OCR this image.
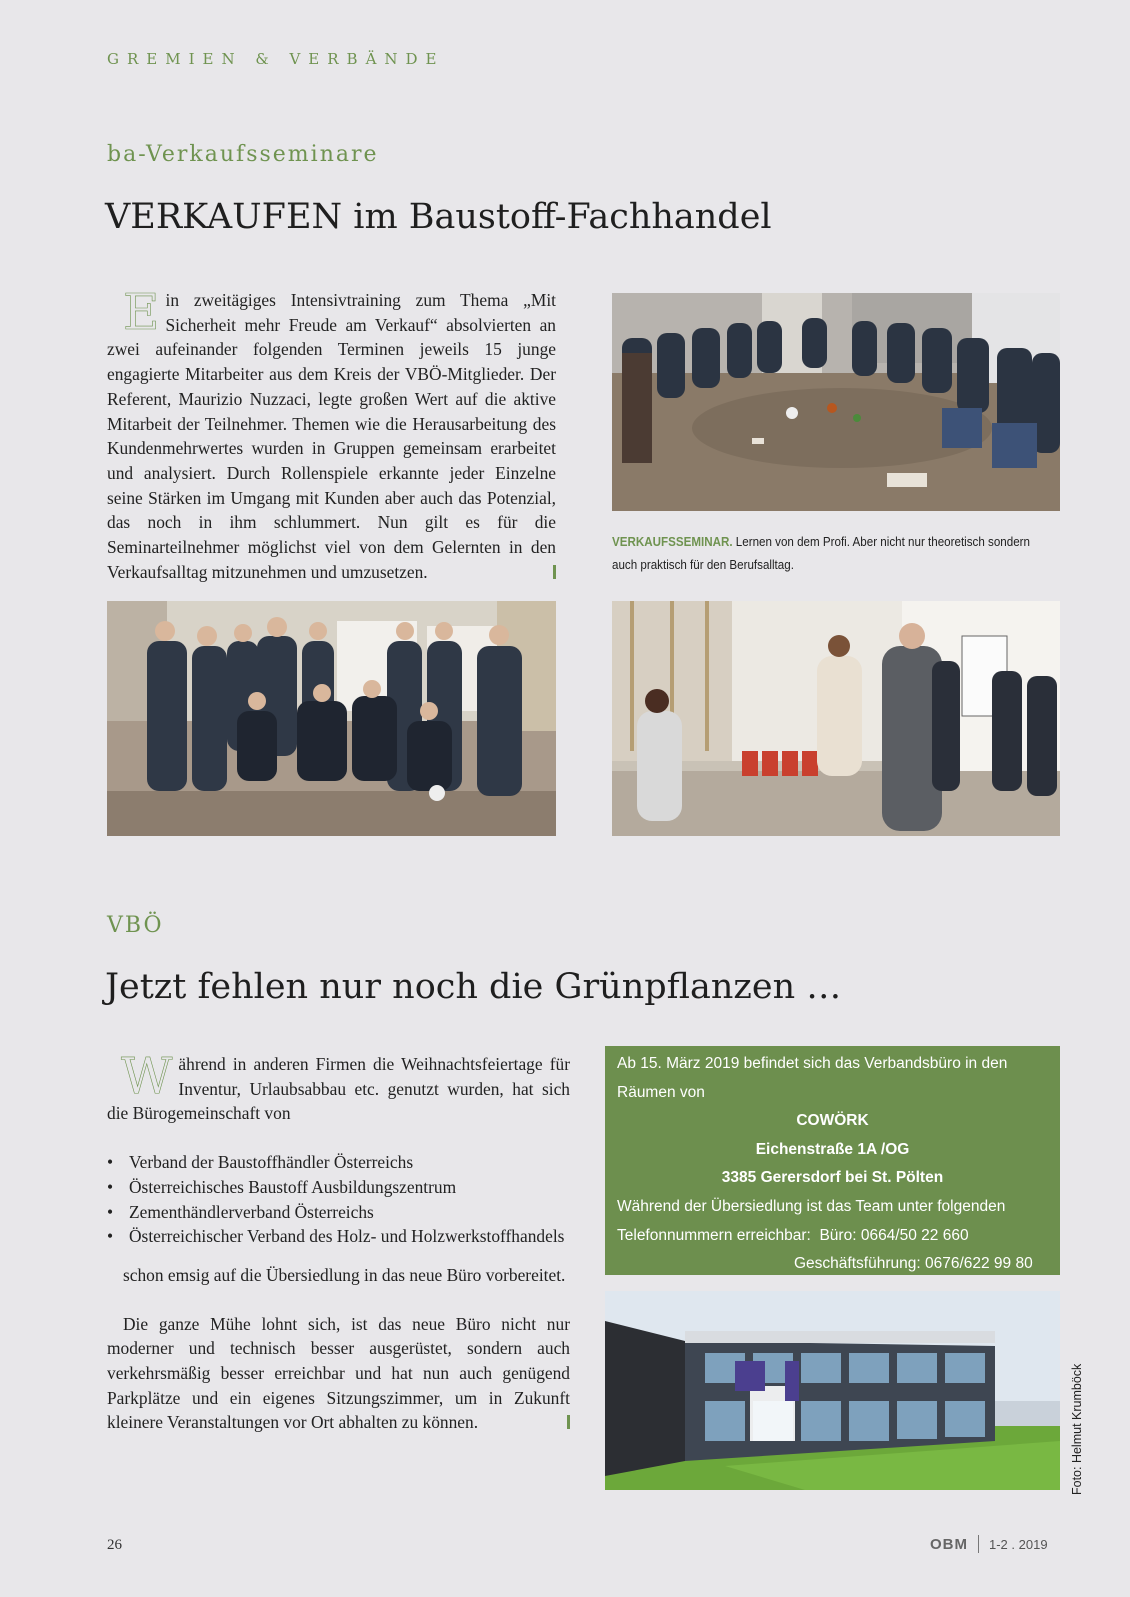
GREMIEN & VERBÄNDE
ba-Verkaufsseminare
VERKAUFEN im Baustoff-Fachhandel

Ein zweitägiges Intensivtraining zum Thema „Mit Sicherheit mehr Freude am Verkauf“ absolvierten an zwei aufeinander folgenden Terminen jeweils 15 junge engagierte Mitarbeiter aus dem Kreis der VBÖ-Mitglieder. Der Referent, Maurizio Nuzzaci, legte großen Wert auf die aktive Mitarbeit der Teilnehmer. Themen wie die Herausarbeitung des Kundenmehrwertes wurden in Gruppen gemeinsam erarbeitet und analysiert. Durch Rollenspiele erkannte jeder Einzelne seine Stärken im Umgang mit Kunden aber auch das Potenzial, das noch in ihm schlummert. Nun gilt es für die Seminarteilnehmer möglichst viel von dem Gelernten in den Verkaufsalltag mitzunehmen und umzusetzen.

VERKAUFSSEMINAR. Lernen von dem Profi. Aber nicht nur theoretisch sondern auch praktisch für den Berufsalltag.
VBÖ
Jetzt fehlen nur noch die Grünpflanzen …

Während in anderen Firmen die Weihnachtsfeiertage für Inventur, Urlaubsabbau etc. genutzt wurden, hat sich die Bürogemeinschaft von

• Verband der Baustoffhändler Österreichs
• Österreichisches Baustoff Ausbildungszentrum
• Zementhändlerverband Österreichs
• Österreichischer Verband des Holz- und Holzwerkstoffhandels

schon emsig auf die Übersiedlung in das neue Büro vorbereitet.

Die ganze Mühe lohnt sich, ist das neue Büro nicht nur moderner und technisch besser ausgerüstet, sondern auch verkehrsmäßig besser erreichbar und hat nun auch genügend Parkplätze und ein eigenes Sitzungszimmer, um in Zukunft kleinere Veranstaltungen vor Ort abhalten zu können.

Ab 15. März 2019 befindet sich das Verbandsbüro in den Räumen von
COWÖRK
Eichenstraße 1A /OG
3385 Gerersdorf bei St. Pölten
Während der Übersiedlung ist das Team unter folgenden Telefonnummern erreichbar: Büro: 0664/50 22 660
Geschäftsführung: 0676/622 99 80
Foto: Helmut Krumböck
26	OBM 1-2 . 2019
